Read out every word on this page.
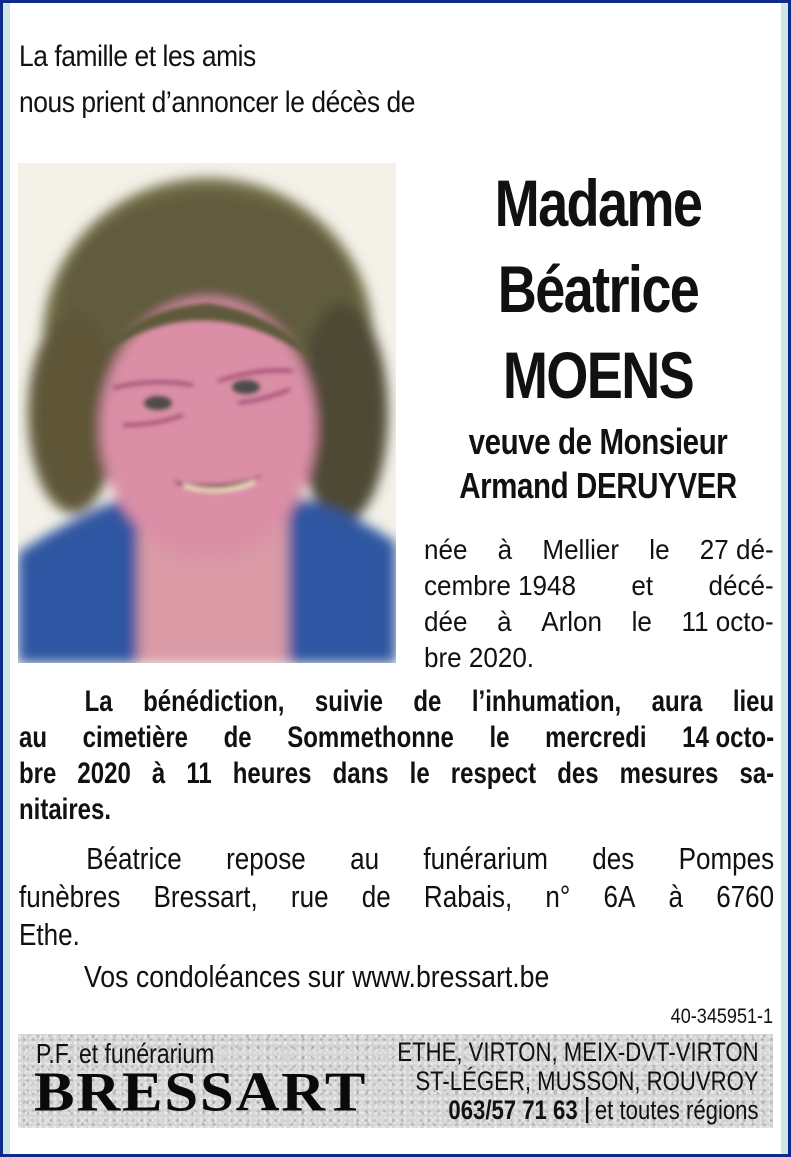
La famille et les amis
nous prient d’annoncer le décès de
Madame
Béatrice
MOENS
veuve de Monsieur
Armand DERUYVER
née à Mellier le 27 dé-
cembre 1948 et décé-
dée à Arlon le 11 octo-
bre 2020.
La bénédiction, suivie de l’inhumation, aura lieu
au cimetière de Sommethonne le mercredi 14 octo-
bre 2020 à 11 heures dans le respect des mesures sa-
nitaires.
Béatrice repose au funérarium des Pompes
funèbres Bressart, rue de Rabais, n° 6A à 6760
Ethe.
Vos condoléances sur www.bressart.be
40-345951-1
P.F. et funérarium
BRESSART
ETHE, VIRTON, MEIX-DVT-VIRTON
ST-LÉGER, MUSSON, ROUVROY
063/57 71 63 et toutes régions
